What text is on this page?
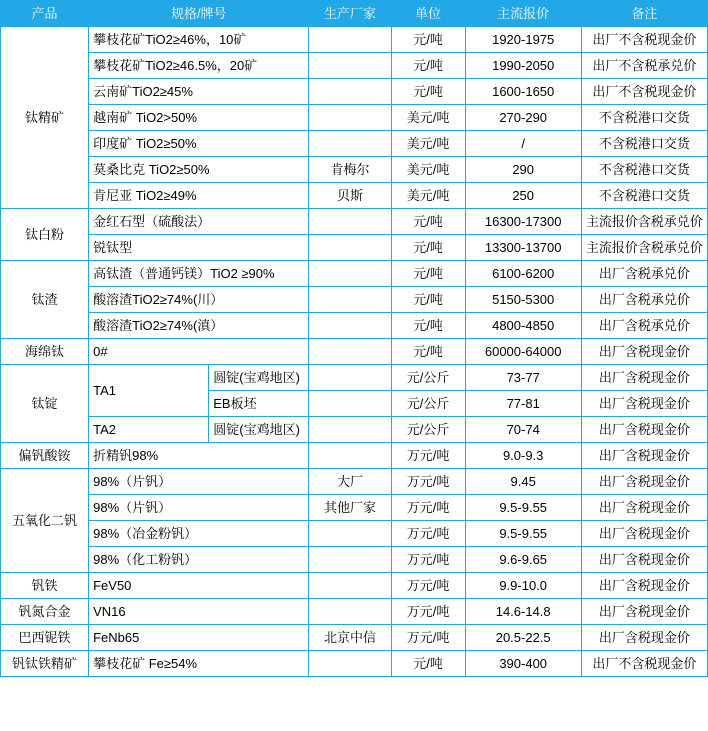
产品	规格/牌号		生产厂家	单位	主流报价	备注
钛精矿	攀枝花矿TiO2≥46%，10矿			元/吨	1920-1975	出厂不含税现金价
	攀枝花矿TiO2≥46.5%，20矿			元/吨	1990-2050	出厂不含税承兑价
	云南矿TiO2≥45%			元/吨	1600-1650	出厂不含税现金价
	越南矿 TiO2>50%			美元/吨	270-290	不含税港口交货
	印度矿 TiO2≥50%			美元/吨	/	不含税港口交货
	莫桑比克 TiO2≥50%		肯梅尔	美元/吨	290	不含税港口交货
	肯尼亚 TiO2≥49%		贝斯	美元/吨	250	不含税港口交货
钛白粉	金红石型（硫酸法）			元/吨	16300-17300	主流报价含税承兑价
	锐钛型			元/吨	13300-13700	主流报价含税承兑价
钛渣	高钛渣（普通钙镁）TiO2 ≥90%			元/吨	6100-6200	出厂含税承兑价
	酸溶渣TiO2≥74%(川）			元/吨	5150-5300	出厂含税承兑价
	酸溶渣TiO2≥74%(滇）			元/吨	4800-4850	出厂含税承兑价
海绵钛	0#			元/吨	60000-64000	出厂含税现金价
钛锭	TA1	圆锭(宝鸡地区)		元/公斤	73-77	出厂含税现金价
		EB板坯		元/公斤	77-81	出厂含税现金价
	TA2	圆锭(宝鸡地区)		元/公斤	70-74	出厂含税现金价
偏钒酸铵	折精钒98%			万元/吨	9.0-9.3	出厂含税现金价
五氧化二钒	98%（片钒）		大厂	万元/吨	9.45	出厂含税现金价
	98%（片钒）		其他厂家	万元/吨	9.5-9.55	出厂含税现金价
	98%（冶金粉钒）			万元/吨	9.5-9.55	出厂含税现金价
	98%（化工粉钒）			万元/吨	9.6-9.65	出厂含税现金价
钒铁	FeV50			万元/吨	9.9-10.0	出厂含税现金价
钒氮合金	VN16			万元/吨	14.6-14.8	出厂含税现金价
巴西铌铁	FeNb65		北京中信	万元/吨	20.5-22.5	出厂含税现金价
钒钛铁精矿	攀枝花矿 Fe≥54%			元/吨	390-400	出厂不含税现金价
